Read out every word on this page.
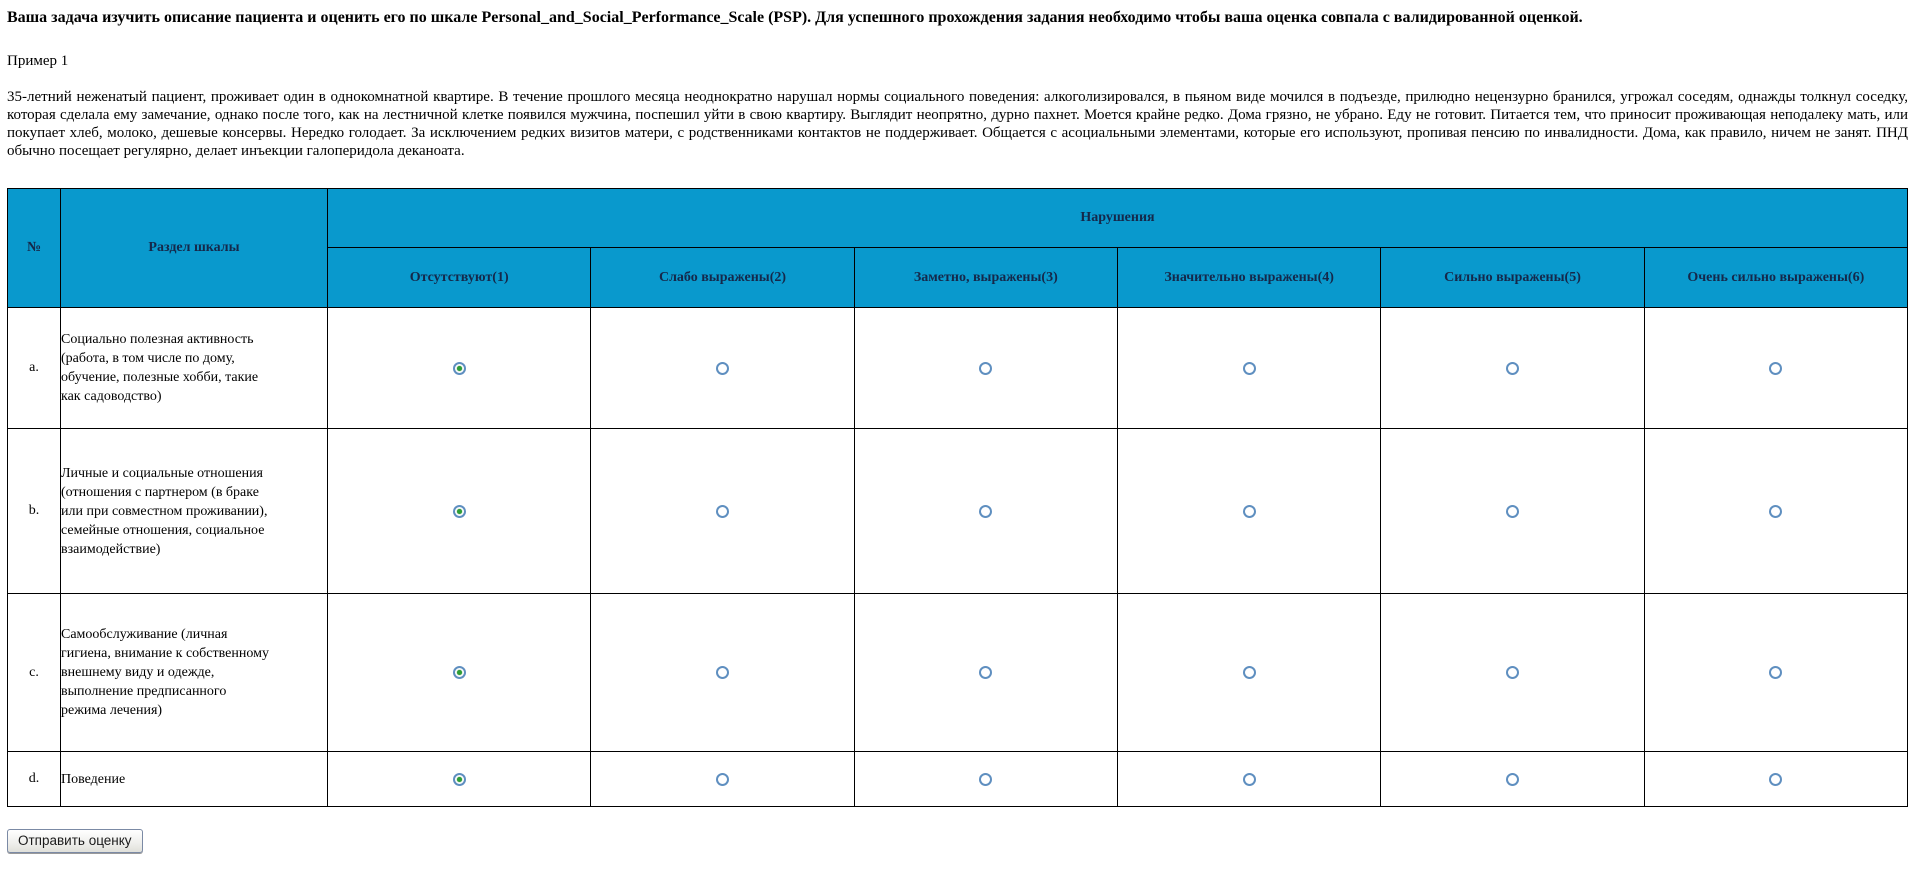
Ваша задача изучить описание пациента и оценить его по шкале Personal_and_Social_Performance_Scale (PSP). Для успешного прохождения задания необходимо чтобы ваша оценка совпала с валидированной оценкой.
Пример 1
35-летний неженатый пациент, проживает один в однокомнатной квартире. В течение прошлого месяца неоднократно нарушал нормы социального поведения: алкоголизировался, в пьяном виде мочился в подъезде, прилюдно нецензурно бранился, угрожал соседям, однажды толкнул соседку, которая сделала ему замечание, однако после того, как на лестничной клетке появился мужчина, поспешил уйти в свою квартиру. Выглядит неопрятно, дурно пахнет. Моется крайне редко. Дома грязно, не убрано. Еду не готовит. Питается тем, что приносит проживающая неподалеку мать, или покупает хлеб, молоко, дешевые консервы. Нередко голодает. За исключением редких визитов матери, с родственниками контактов не поддерживает. Общается с асоциальными элементами, которые его используют, пропивая пенсию по инвалидности. Дома, как правило, ничем не занят. ПНД обычно посещает регулярно, делает инъекции галоперидола деканоата.
№	Раздел шкалы	Нарушения					
		Отсутствуют(1)	Слабо выражены(2)	Заметно, выражены(3)	Значительно выражены(4)	Сильно выражены(5)	Очень сильно выражены(6)
a.	Социально полезная активность (работа, в том числе по дому, обучение, полезные хобби, такие как садоводство)						

b.	Личные и социальные отношения (отношения с партнером (в браке или при совместном проживании), семейные отношения, социальное взаимодействие)						

c.	Самообслуживание (личная гигиена, внимание к собственному внешнему виду и одежде, выполнение предписанного режима лечения)						

d.	Поведение						

Отправить оценку
